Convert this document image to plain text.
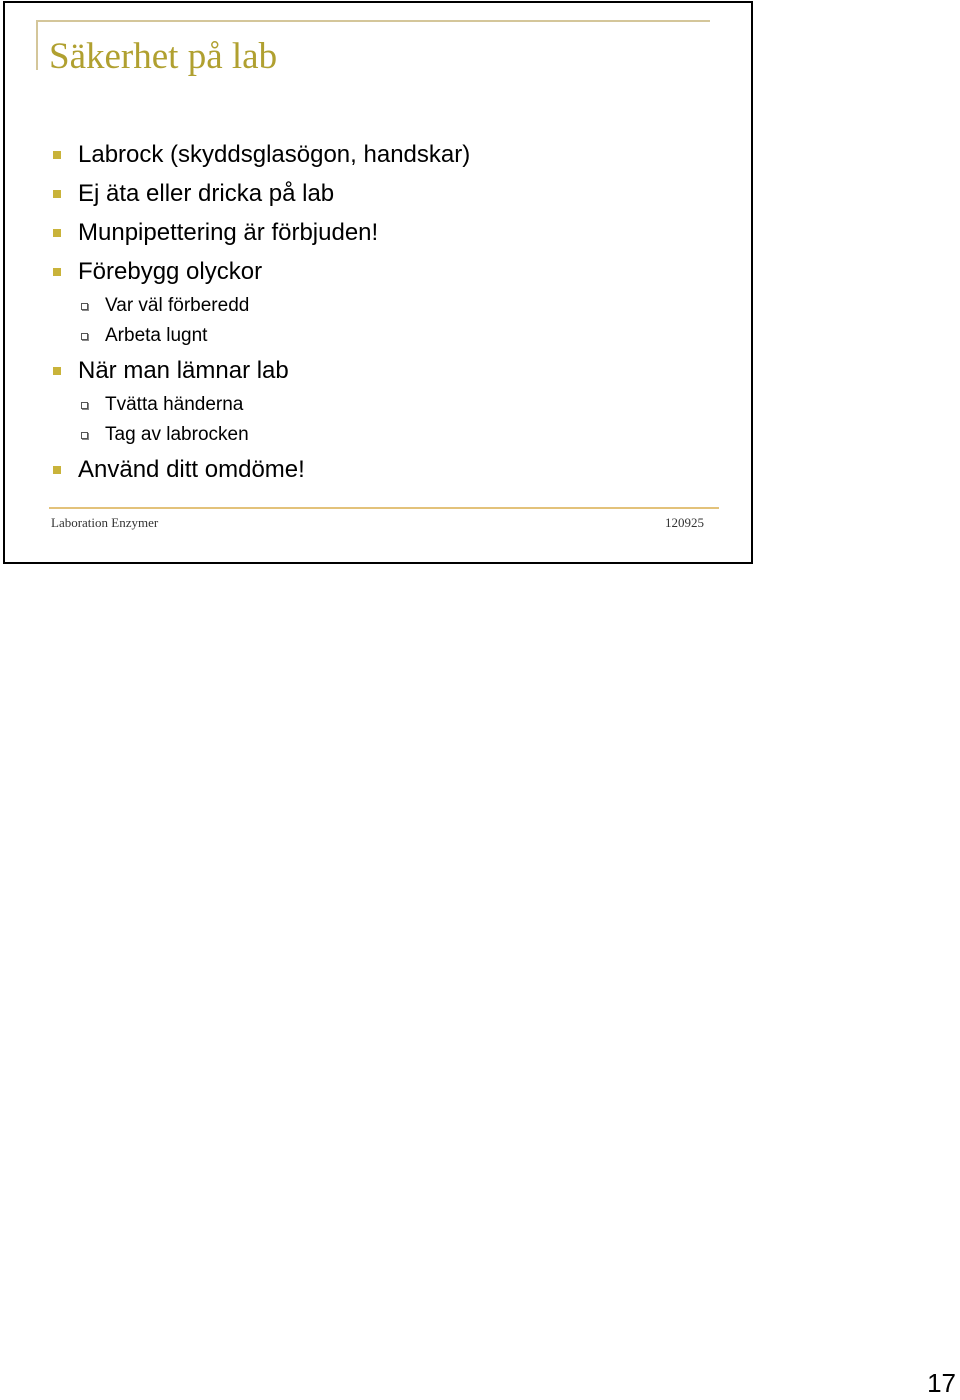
Säkerhet på lab
Labrock (skyddsglasögon, handskar)
Ej äta eller dricka på lab
Munpipettering är förbjuden!
Förebygg olyckor
Var väl förberedd
Arbeta lugnt
När man lämnar lab
Tvätta händerna
Tag av labrocken
Använd ditt omdöme!
Laboration Enzymer	120925
17
